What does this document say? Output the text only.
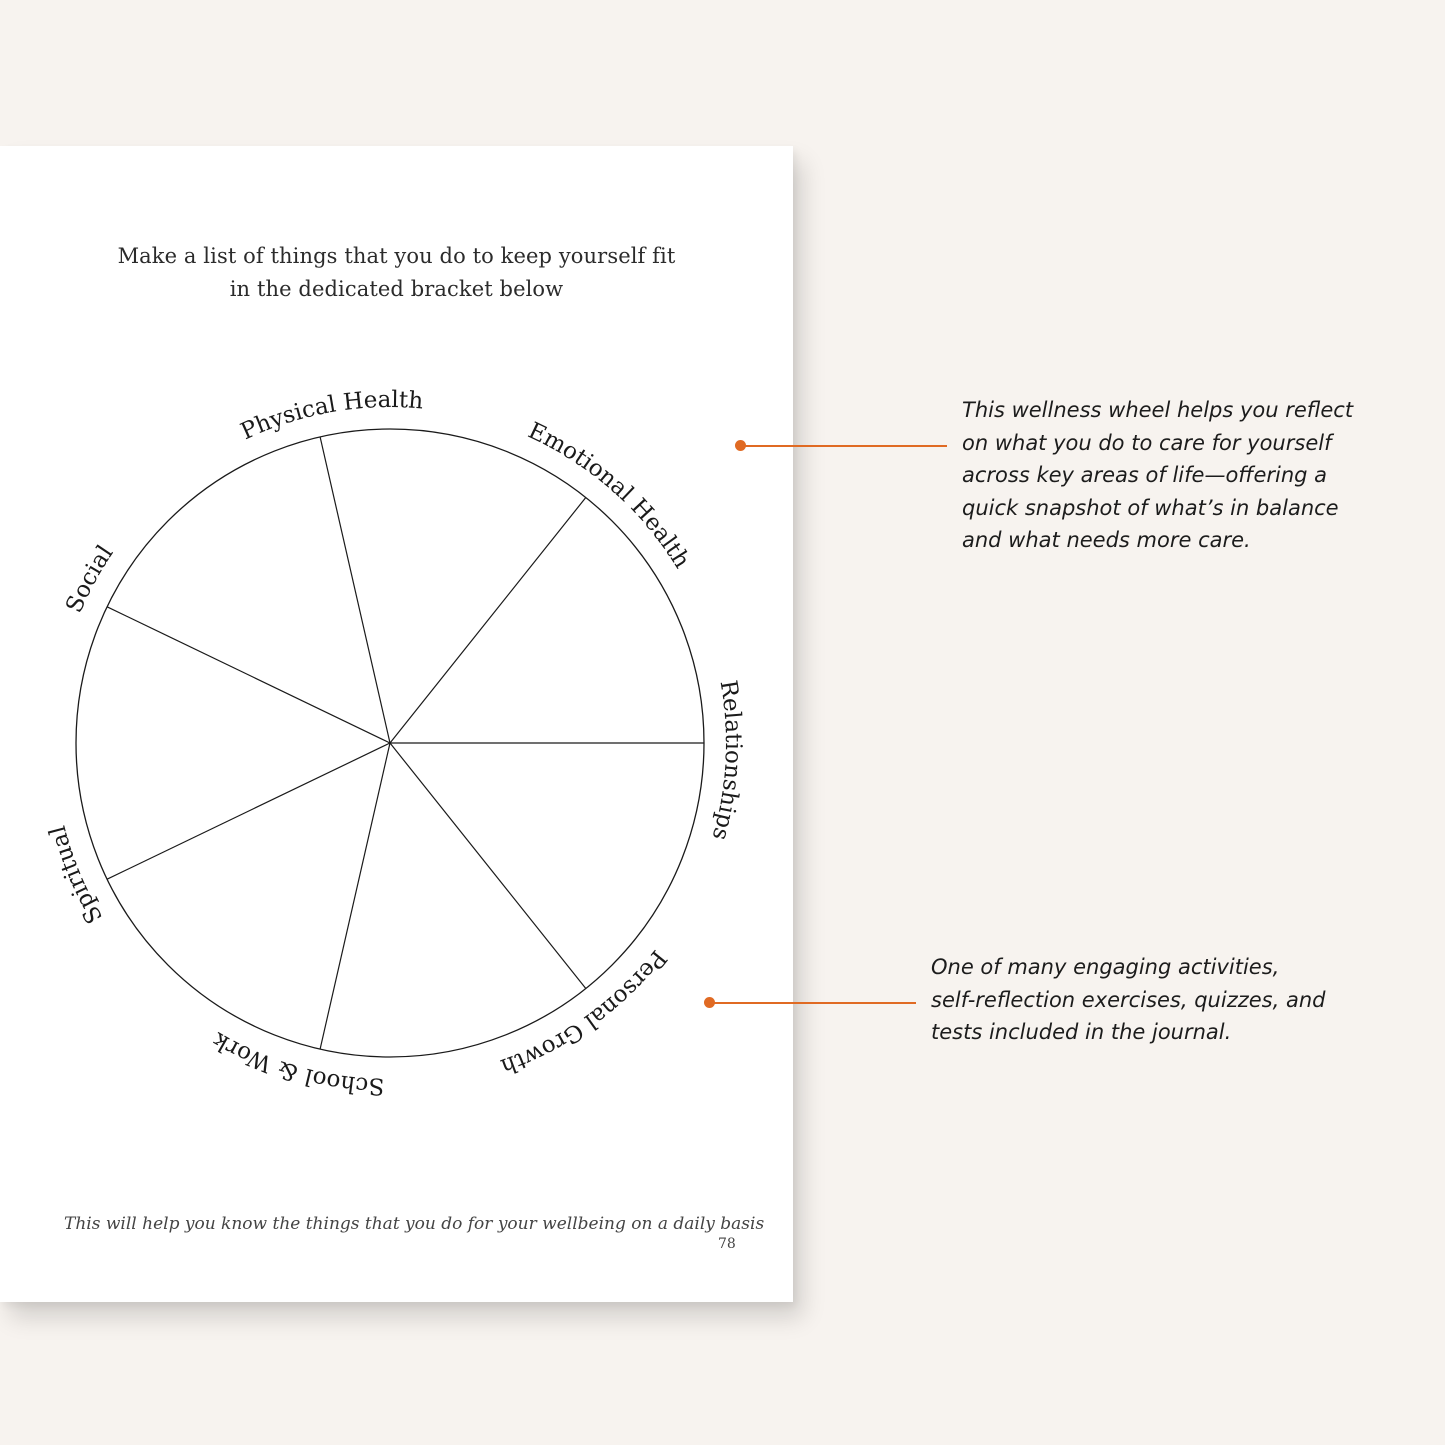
Make a list of things that you do to keep yourself fit
in the dedicated bracket below
Physical Health
Emotional Health
Relationships
Personal Growth
School & Work
Spiritual
Social
This will help you know the things that you do for your wellbeing on a daily basis
78
This wellness wheel helps you reflect
on what you do to care for yourself
across key areas of life—offering a
quick snapshot of what’s in balance
and what needs more care.
One of many engaging activities,
self-reflection exercises, quizzes, and
tests included in the journal.
